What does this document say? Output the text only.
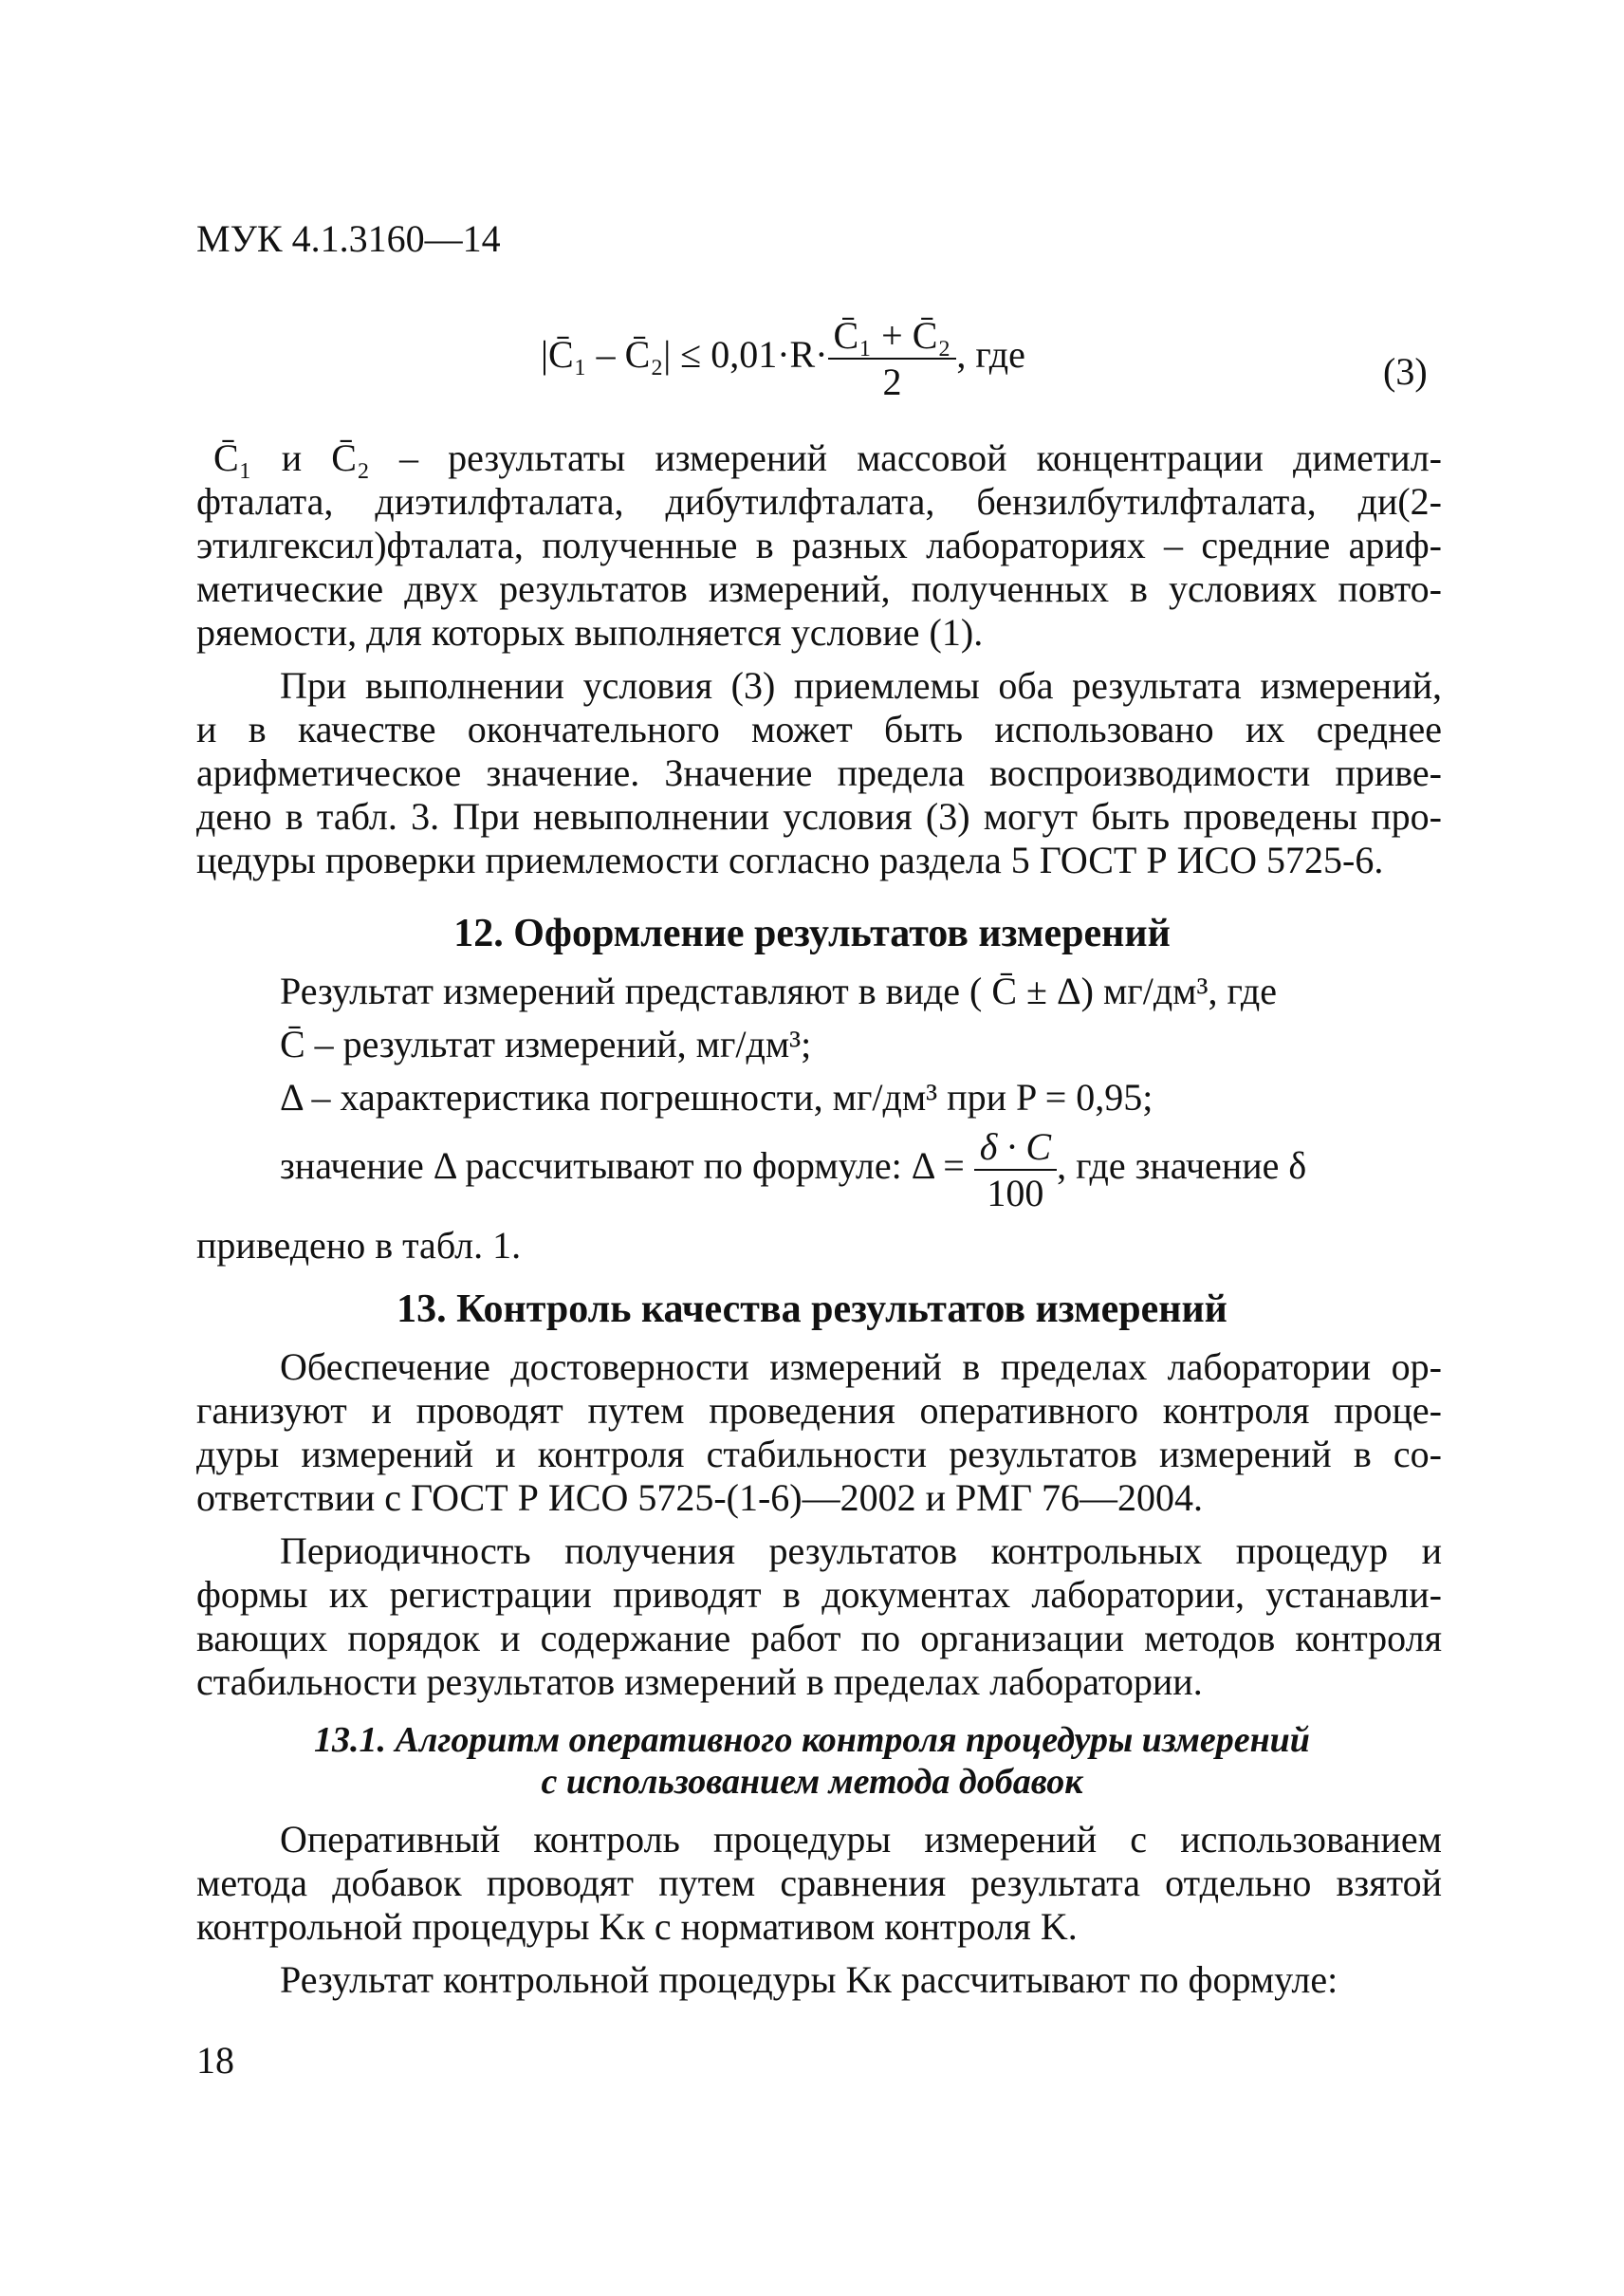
МУК 4.1.3160—14
|C̄₁ – C̄₂| ≤ $0,01\cdot R\cdot \frac{\text{C̄₁ + C̄₂}}{2}$ , где	(3)
C̄₁ и C̄₂ – результаты измерений массовой концентрации диметил-
фталата, диэтилфталата, дибутилфталата, бензилбутилфталата, ди(2-
этилгексил)фталата, полученные в разных лабораториях – средние ариф-
метические двух результатов измерений, полученных в условиях повто-
ряемости, для которых выполняется условие (1).
При выполнении условия (3) приемлемы оба результата измерений,
и в качестве окончательного может быть использовано их среднее
арифметическое значение. Значение предела воспроизводимости приве-
дено в табл. 3. При невыполнении условия (3) могут быть проведены про-
цедуры проверки приемлемости согласно раздела 5 ГОСТ Р ИСО 5725-6.
12. Оформление результатов измерений
Результат измерений представляют в виде ( C̄ ± Δ) мг/дм³, где
C̄ – результат измерений, мг/дм³;
Δ – характеристика погрешности, мг/дм³ при P = 0,95;
значение Δ рассчитывают по формуле: $\Delta = \frac{\delta \cdot C}{100}$ , где значение δ
приведено в табл. 1.
13. Контроль качества результатов измерений
Обеспечение достоверности измерений в пределах лаборатории ор-
ганизуют и проводят путем проведения оперативного контроля проце-
дуры измерений и контроля стабильности результатов измерений в со-
ответствии с ГОСТ Р ИСО 5725-(1-6)—2002 и РМГ 76—2004.
Периодичность получения результатов контрольных процедур и
формы их регистрации приводят в документах лаборатории, устанавли-
вающих порядок и содержание работ по организации методов контроля
стабильности результатов измерений в пределах лаборатории.
13.1. Алгоритм оперативного контроля процедуры измерений
с использованием метода добавок
Оперативный контроль процедуры измерений с использованием
метода добавок проводят путем сравнения результата отдельно взятой
контрольной процедуры Kк с нормативом контроля K.
Результат контрольной процедуры Kк рассчитывают по формуле:
18
